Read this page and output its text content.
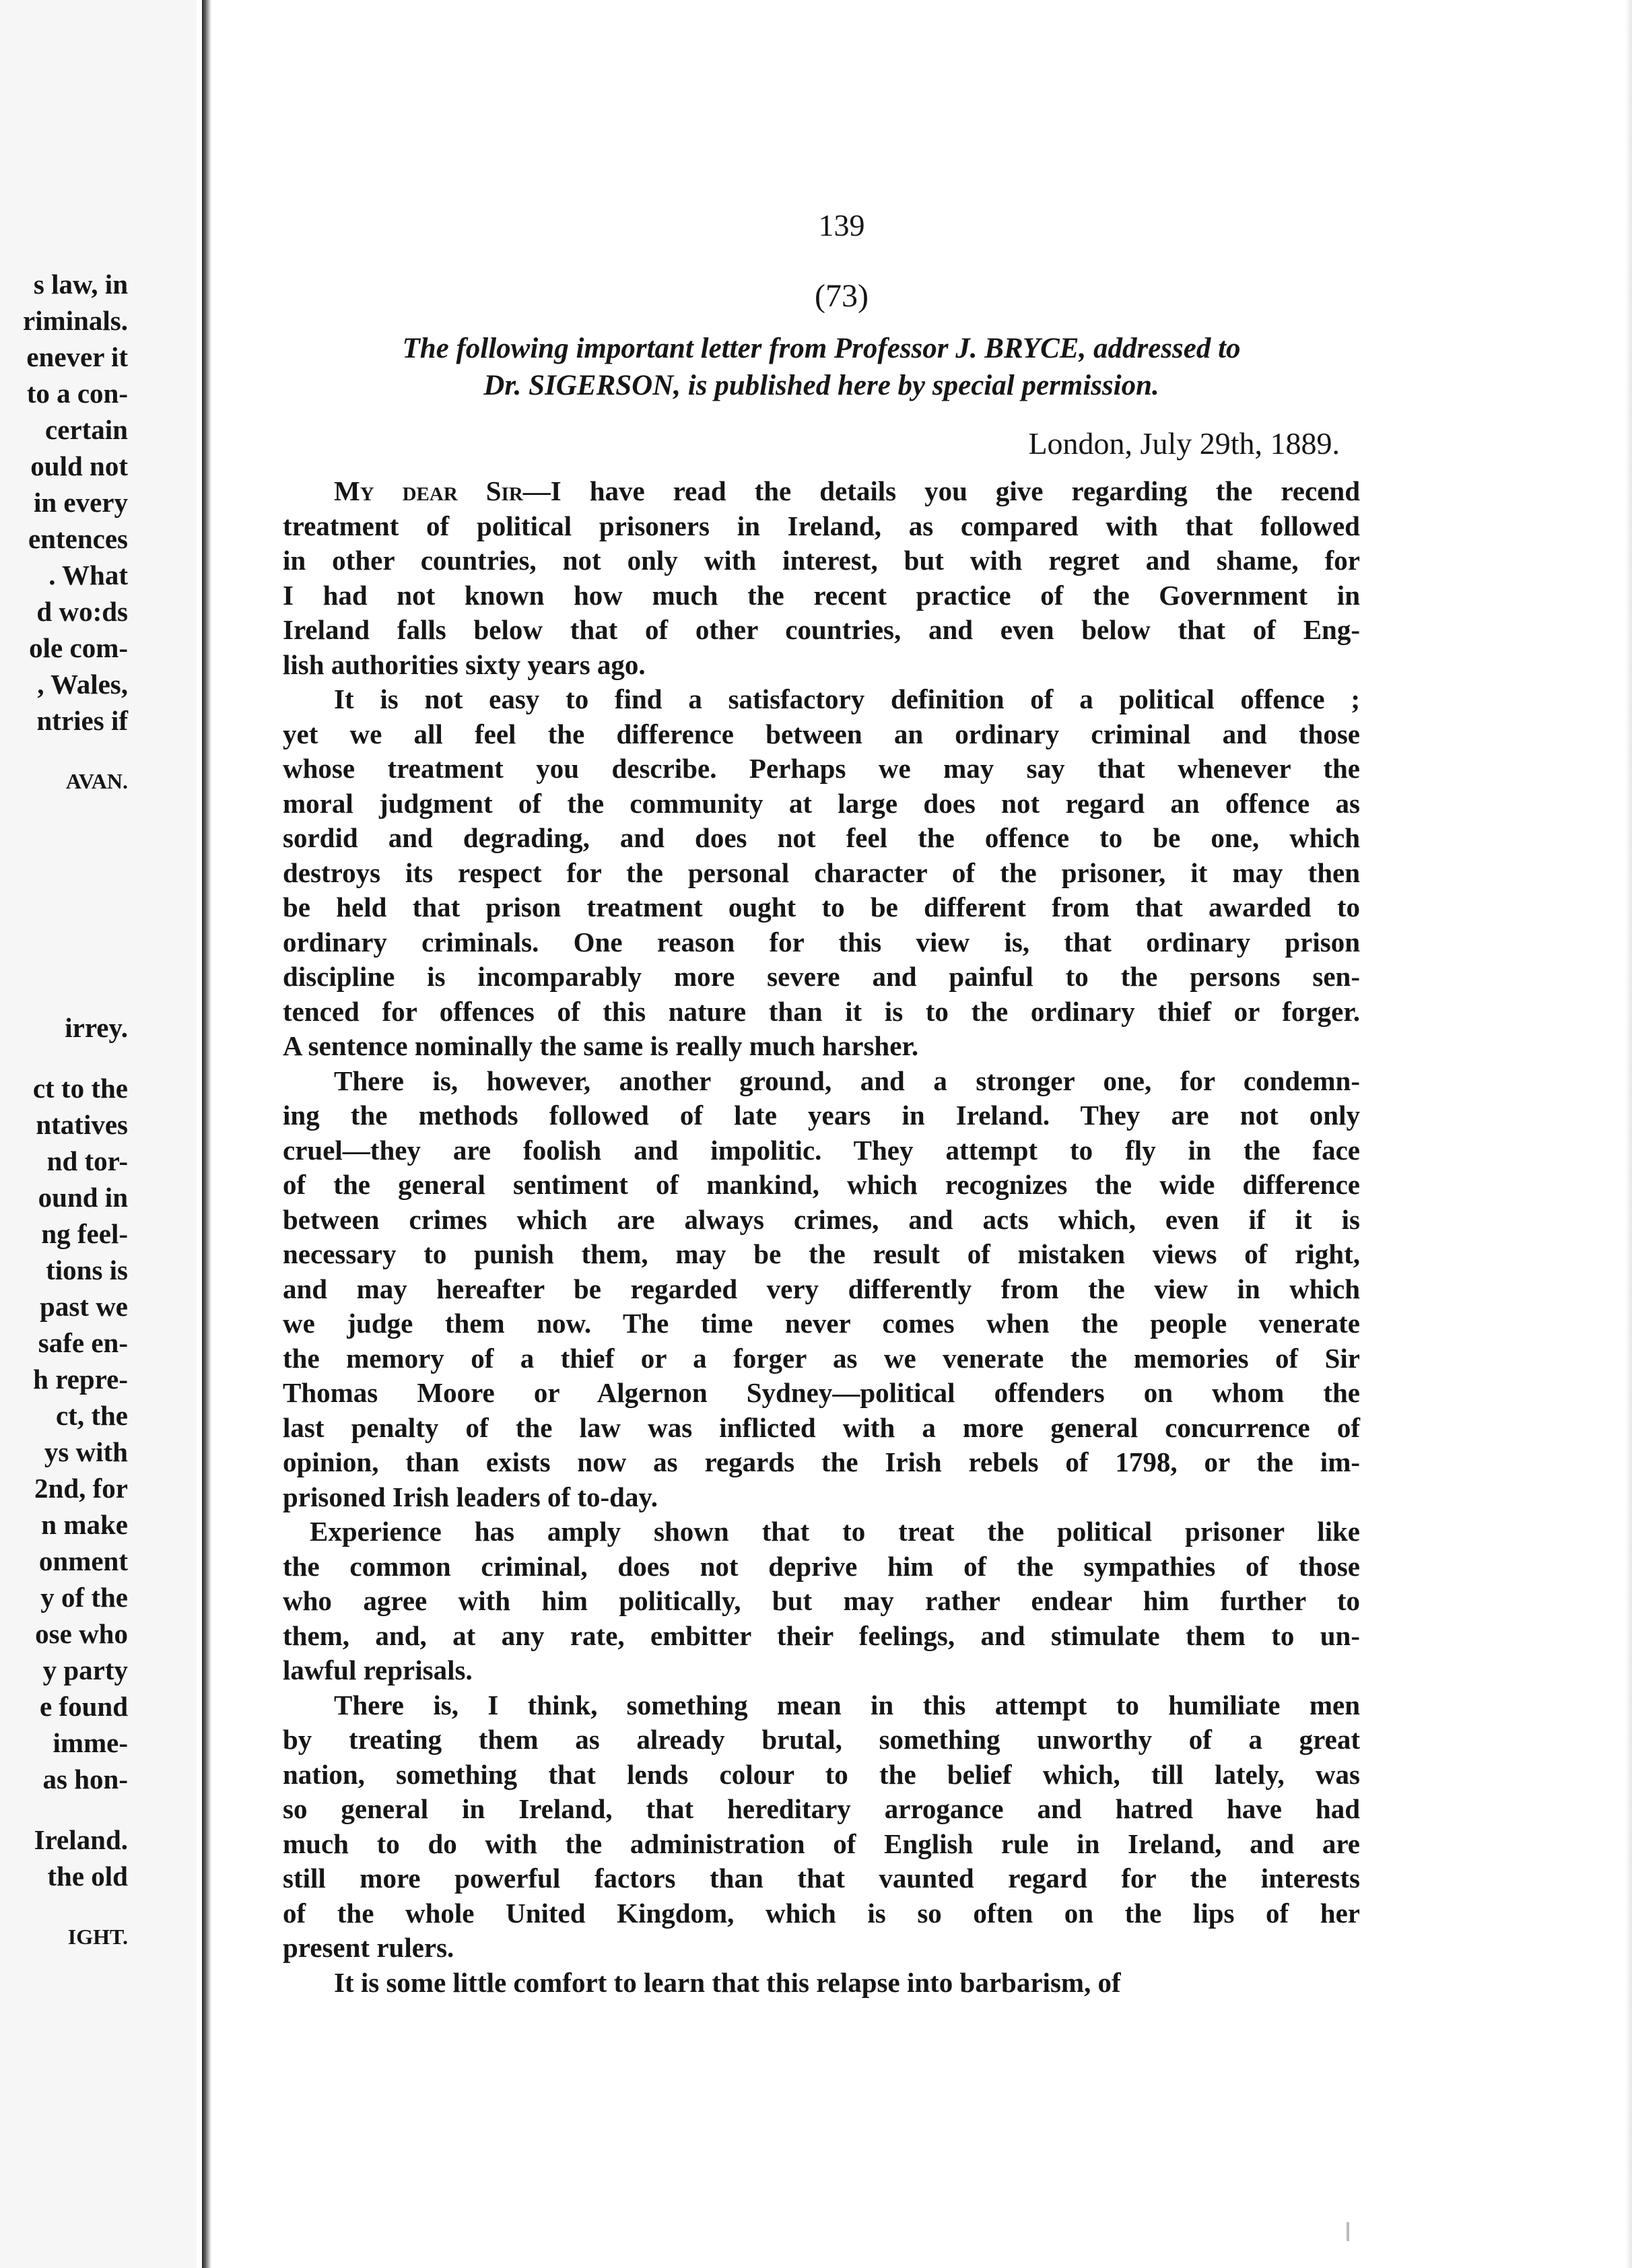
s law, in
riminals.
enever it
to a con-
certain
ould not
in every
entences
. What
d wo:ds
ole com-
, Wales,
ntries if
AVAN.
irrey.
ct to the
ntatives
nd tor-
ound in
ng feel-
tions is
past we
safe en-
h repre-
ct, the
ys with
2nd, for
n make
onment
y of the
ose who
y party
e found
imme-
as hon-
Ireland.
the old
IGHT.
139
(73)
The following important letter from Professor J. BRYCE, addressed to
Dr. SIGERSON, is published here by special permission.
London, July 29th, 1889.
My dear Sir—I have read the details you give regarding the recend
treatment of political prisoners in Ireland, as compared with that followed
in other countries, not only with interest, but with regret and shame, for
I had not known how much the recent practice of the Government in
Ireland falls below that of other countries, and even below that of Eng-
lish authorities sixty years ago.
It is not easy to find a satisfactory definition of a political offence ;
yet we all feel the difference between an ordinary criminal and those
whose treatment you describe. Perhaps we may say that whenever the
moral judgment of the community at large does not regard an offence as
sordid and degrading, and does not feel the offence to be one, which
destroys its respect for the personal character of the prisoner, it may then
be held that prison treatment ought to be different from that awarded to
ordinary criminals. One reason for this view is, that ordinary prison
discipline is incomparably more severe and painful to the persons sen-
tenced for offences of this nature than it is to the ordinary thief or forger.
A sentence nominally the same is really much harsher.
There is, however, another ground, and a stronger one, for condemn-
ing the methods followed of late years in Ireland. They are not only
cruel—they are foolish and impolitic. They attempt to fly in the face
of the general sentiment of mankind, which recognizes the wide difference
between crimes which are always crimes, and acts which, even if it is
necessary to punish them, may be the result of mistaken views of right,
and may hereafter be regarded very differently from the view in which
we judge them now. The time never comes when the people venerate
the memory of a thief or a forger as we venerate the memories of Sir
Thomas Moore or Algernon Sydney—political offenders on whom the
last penalty of the law was inflicted with a more general concurrence of
opinion, than exists now as regards the Irish rebels of 1798, or the im-
prisoned Irish leaders of to-day.
Experience has amply shown that to treat the political prisoner like
the common criminal, does not deprive him of the sympathies of those
who agree with him politically, but may rather endear him further to
them, and, at any rate, embitter their feelings, and stimulate them to un-
lawful reprisals.
There is, I think, something mean in this attempt to humiliate men
by treating them as already brutal, something unworthy of a great
nation, something that lends colour to the belief which, till lately, was
so general in Ireland, that hereditary arrogance and hatred have had
much to do with the administration of English rule in Ireland, and are
still more powerful factors than that vaunted regard for the interests
of the whole United Kingdom, which is so often on the lips of her
present rulers.
It is some little comfort to learn that this relapse into barbarism, of
